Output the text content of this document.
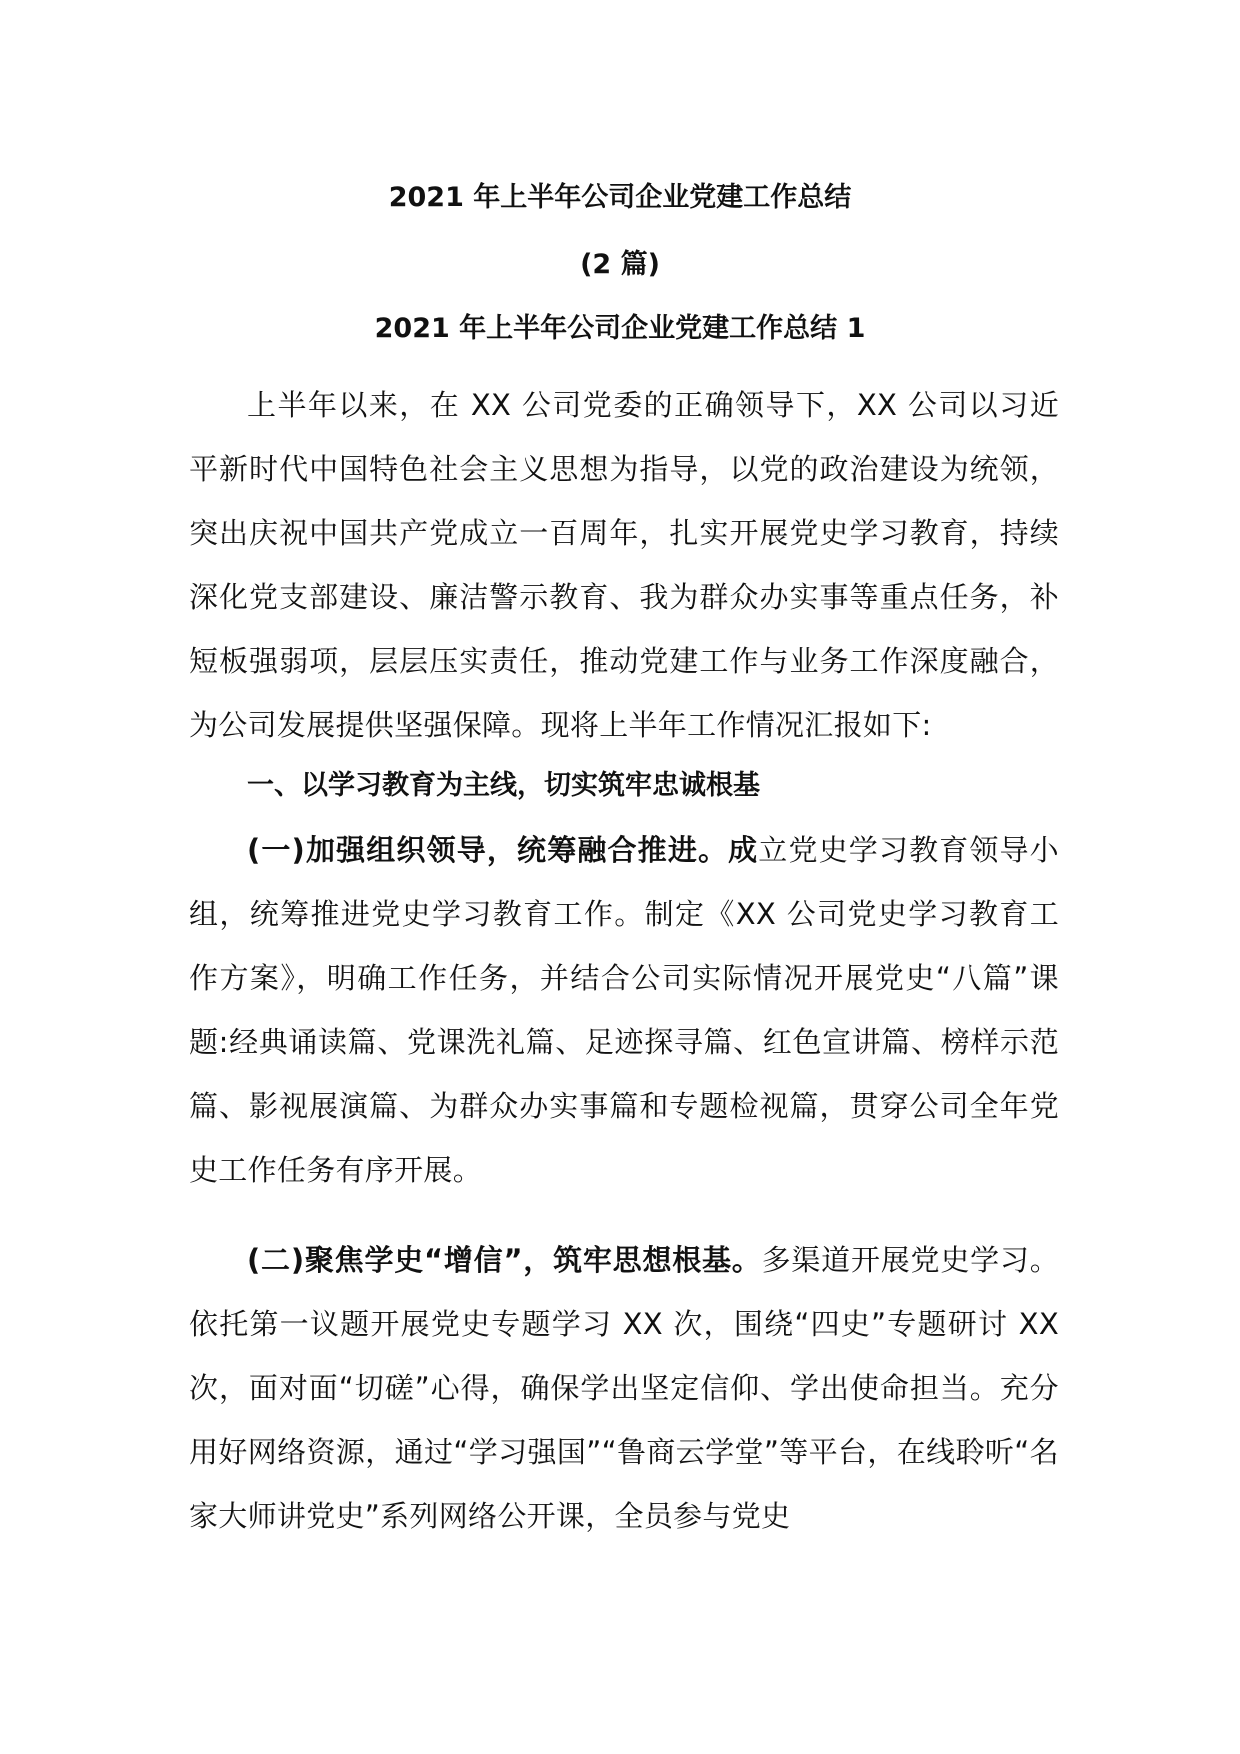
2021 年上半年公司企业党建工作总结
(2 篇)
2021 年上半年公司企业党建工作总结 1

上半年以来，在 XX 公司党委的正确领导下，XX 公司以习近平新时代中国特色社会主义思想为指导，以党的政治建设为统领，突出庆祝中国共产党成立一百周年，扎实开展党史学习教育，持续深化党支部建设、廉洁警示教育、我为群众办实事等重点任务，补短板强弱项，层层压实责任，推动党建工作与业务工作深度融合，为公司发展提供坚强保障。现将上半年工作情况汇报如下:

一、以学习教育为主线，切实筑牢忠诚根基

(一)加强组织领导，统筹融合推进。成立党史学习教育领导小组，统筹推进党史学习教育工作。制定《XX 公司党史学习教育工作方案》，明确工作任务，并结合公司实际情况开展党史“八篇”课题:经典诵读篇、党课洗礼篇、足迹探寻篇、红色宣讲篇、榜样示范篇、影视展演篇、为群众办实事篇和专题检视篇，贯穿公司全年党史工作任务有序开展。

(二)聚焦学史“增信”，筑牢思想根基。多渠道开展党史学习。依托第一议题开展党史专题学习 XX 次，围绕“四史”专题研讨 XX 次，面对面“切磋”心得，确保学出坚定信仰、学出使命担当。充分用好网络资源，通过“学习强国”“鲁商云学堂”等平台，在线聆听“名家大师讲党史”系列网络公开课，全员参与党史
